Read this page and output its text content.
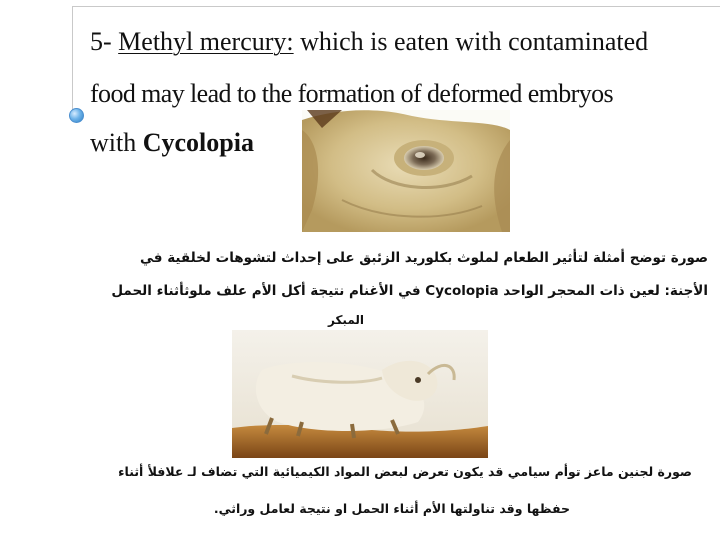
5- Methyl mercury: which is eaten with contaminated
food may lead to the formation of deformed embryos
with Cycolopia
صورة توضح أمثلة لتأثير الطعام لملوث بكلوريد الزئبق على إحداث لتشوهات لخلقية في
الأجنة: لعين ذات المحجر الواحد Cycolopia في الأغنام نتيجة أكل الأم علف ملوثأثناء الحمل
المبكر
صورة لجنين ماعز توأم سيامي قد يكون تعرض لبعض المواد الكيميائية التي تضاف لـ علافلأ أثناء
حفظها وقد تناولتها الأم أثناء الحمل او نتيجة لعامل وراثي.
